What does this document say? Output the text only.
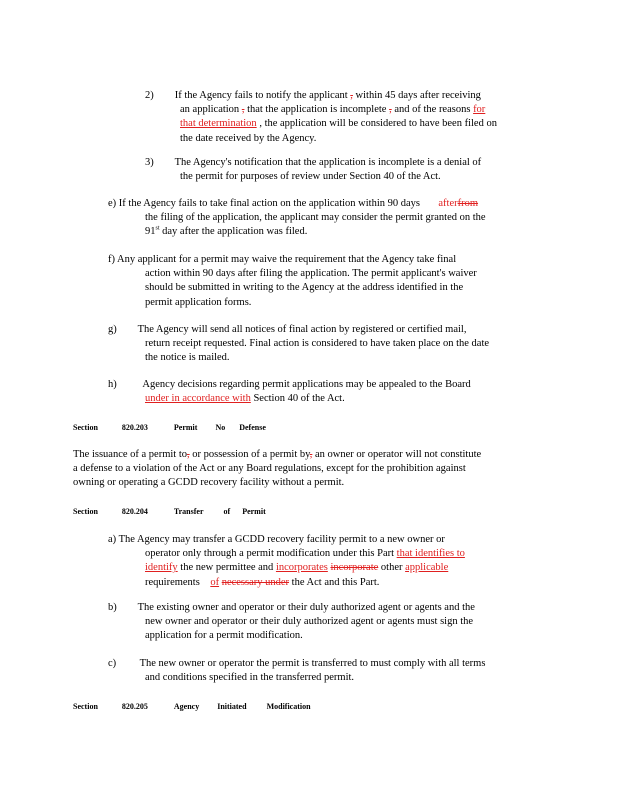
2) If the Agency fails to notify the applicant , within 45 days after receiving
an application , that the application is incomplete , and of the reasons for
that determination , the application will be considered to have been filed on
the date received by the Agency.
3) The Agency's notification that the application is incomplete is a denial of
the permit for purposes of review under Section 40 of the Act.
e) If the Agency fails to take final action on the application within 90 days afterfrom
the filing of the application, the applicant may consider the permit granted on the
91st day after the application was filed.
f) Any applicant for a permit may waive the requirement that the Agency take final
action within 90 days after filing the application. The permit applicant's waiver
should be submitted in writing to the Agency at the address identified in the
permit application forms.
g) The Agency will send all notices of final action by registered or certified mail,
return receipt requested. Final action is considered to have taken place on the date
the notice is mailed.
h) Agency decisions regarding permit applications may be appealed to the Board
under in accordance with Section 40 of the Act.
Section	820.203	Permit No Defense
The issuance of a permit to, or possession of a permit by, an owner or operator will not constitute
a defense to a violation of the Act or any Board regulations, except for the prohibition against
owning or operating a GCDD recovery facility without a permit.
Section	820.204	Transfer	of Permit
a) The Agency may transfer a GCDD recovery facility permit to a new owner or
operator only through a permit modification under this Part that identifies to
identify the new permittee and incorporates incorporate other applicable
requirements of necessary under the Act and this Part.
b) The existing owner and operator or their duly authorized agent or agents and the
new owner and operator or their duly authorized agent or agents must sign the
application for a permit modification.
c) The new owner or operator the permit is transferred to must comply with all terms
and conditions specified in the transferred permit.
Section	820.205	Agency Initiated	Modification
